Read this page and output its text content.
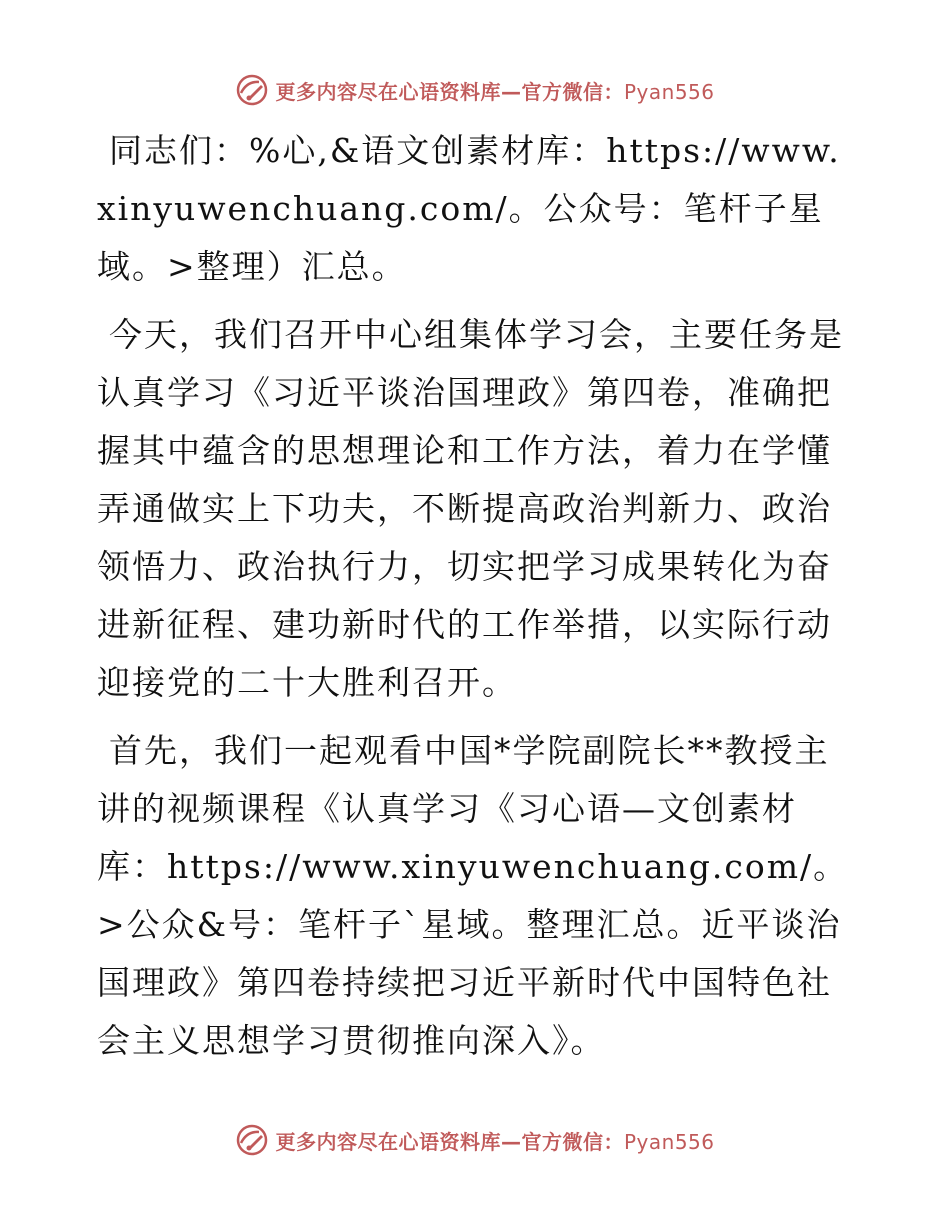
更多内容尽在心语资料库—官方微信：Pyan556

同志们：%心,&语文创素材库：https://www.xinyuwenchuang.com/。公众号：笔杆子星域。>整理）汇总。

今天，我们召开中心组集体学习会，主要任务是认真学习《习近平谈治国理政》第四卷，准确把握其中蕴含的思想理论和工作方法，着力在学懂弄通做实上下功夫，不断提高政治判新力、政治领悟力、政治执行力，切实把学习成果转化为奋进新征程、建功新时代的工作举措，以实际行动迎接党的二十大胜利召开。

首先，我们一起观看中国*学院副院长**教授主讲的视频课程《认真学习《习心语—文创素材库：https://www.xinyuwenchuang.com/。>公众&号：笔杆子`星域。整理汇总。近平谈治国理政》第四卷持续把习近平新时代中国特色社会主义思想学习贯彻推向深入》。

更多内容尽在心语资料库—官方微信：Pyan556
